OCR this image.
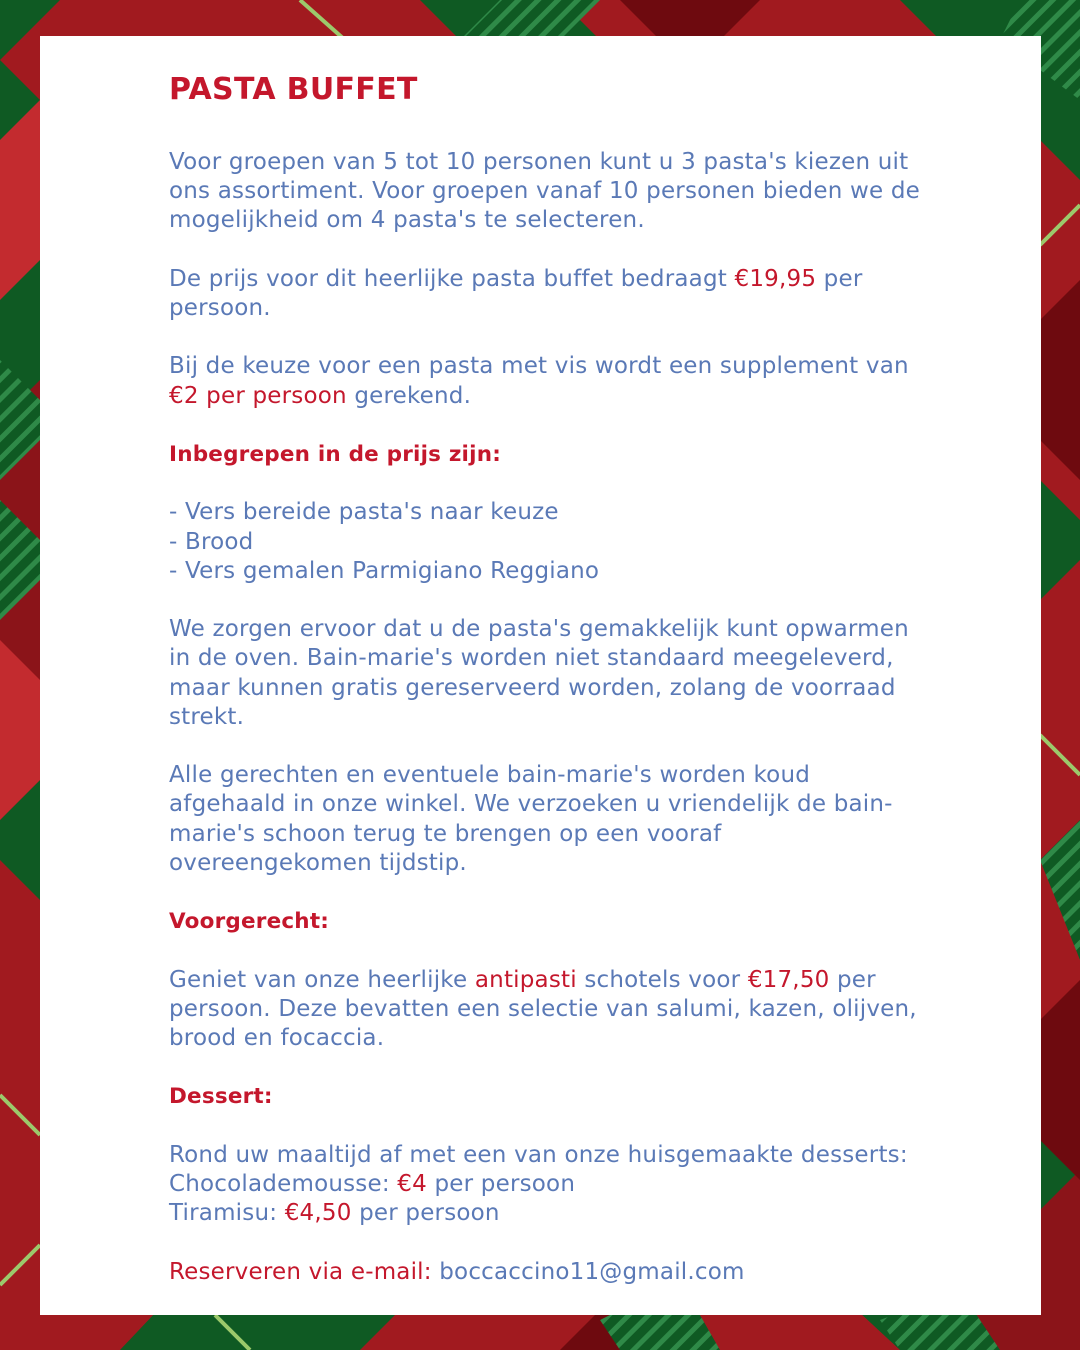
PASTA BUFFET

Voor groepen van 5 tot 10 personen kunt u 3 pasta's kiezen uit ons assortiment. Voor groepen vanaf 10 personen bieden we de mogelijkheid om 4 pasta's te selecteren.

De prijs voor dit heerlijke pasta buffet bedraagt €19,95 per persoon.

Bij de keuze voor een pasta met vis wordt een supplement van €2 per persoon gerekend.

Inbegrepen in de prijs zijn:

- Vers bereide pasta's naar keuze
- Brood
- Vers gemalen Parmigiano Reggiano

We zorgen ervoor dat u de pasta's gemakkelijk kunt opwarmen in de oven. Bain-marie's worden niet standaard meegeleverd, maar kunnen gratis gereserveerd worden, zolang de voorraad strekt.

Alle gerechten en eventuele bain-marie's worden koud afgehaald in onze winkel. We verzoeken u vriendelijk de bain-marie's schoon terug te brengen op een vooraf overeengekomen tijdstip.

Voorgerecht:

Geniet van onze heerlijke antipasti schotels voor €17,50 per persoon. Deze bevatten een selectie van salumi, kazen, olijven, brood en focaccia.

Dessert:

Rond uw maaltijd af met een van onze huisgemaakte desserts:
Chocolademousse: €4 per persoon
Tiramisu: €4,50 per persoon

Reserveren via e-mail: boccaccino11@gmail.com
